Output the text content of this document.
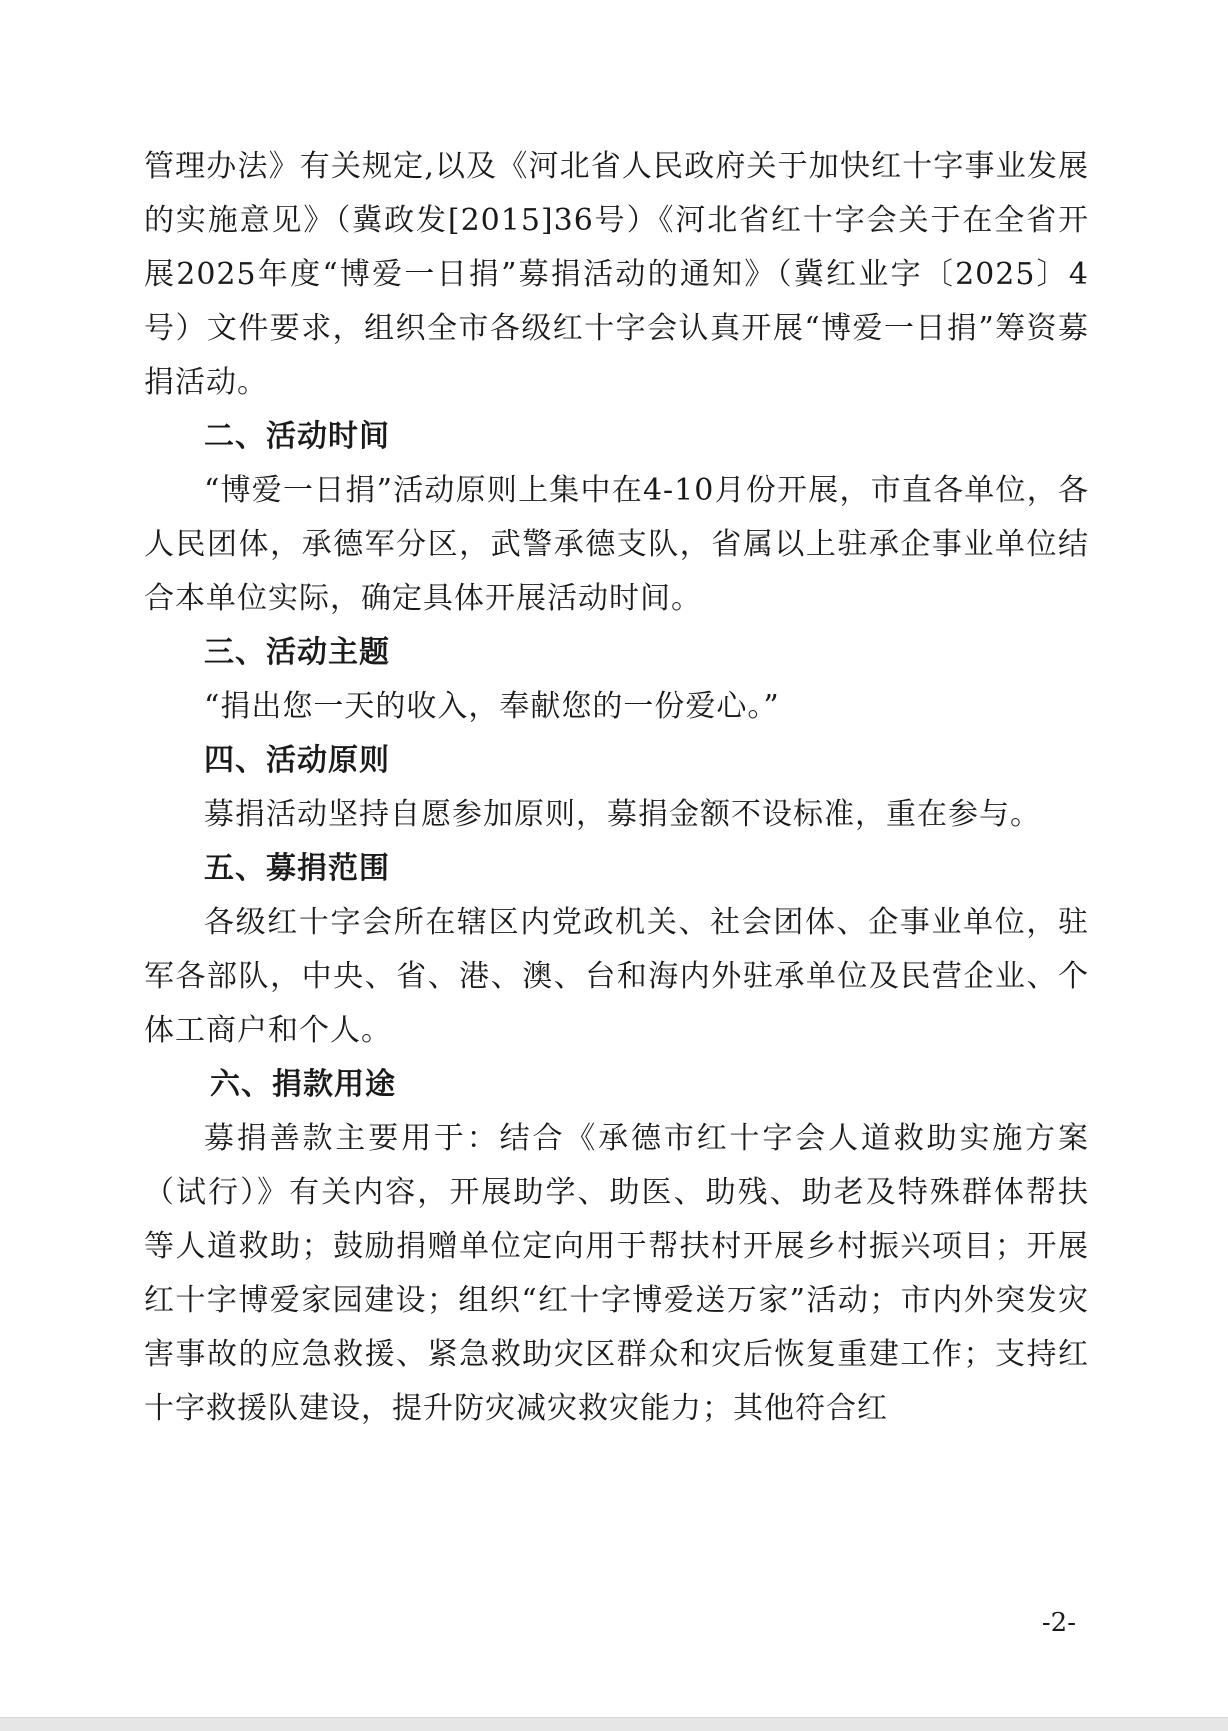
管理办法》有关规定,以及《河北省人民政府关于加快红十字事业发展的实施意见》（冀政发[2015]36号）《河北省红十字会关于在全省开展2025年度“博爱一日捐”募捐活动的通知》（冀红业字〔2025〕4号）文件要求，组织全市各级红十字会认真开展“博爱一日捐”筹资募捐活动。

二、活动时间

“博爱一日捐”活动原则上集中在4-10月份开展，市直各单位，各人民团体，承德军分区，武警承德支队，省属以上驻承企事业单位结合本单位实际，确定具体开展活动时间。

三、活动主题

“捐出您一天的收入，奉献您的一份爱心。”

四、活动原则

募捐活动坚持自愿参加原则，募捐金额不设标准，重在参与。

五、募捐范围

各级红十字会所在辖区内党政机关、社会团体、企事业单位，驻军各部队，中央、省、港、澳、台和海内外驻承单位及民营企业、个体工商户和个人。

六、捐款用途

募捐善款主要用于：结合《承德市红十字会人道救助实施方案（试行）》有关内容，开展助学、助医、助残、助老及特殊群体帮扶等人道救助；鼓励捐赠单位定向用于帮扶村开展乡村振兴项目；开展红十字博爱家园建设；组织“红十字博爱送万家”活动；市内外突发灾害事故的应急救援、紧急救助灾区群众和灾后恢复重建工作；支持红十字救援队建设，提升防灾减灾救灾能力；其他符合红

-2-
